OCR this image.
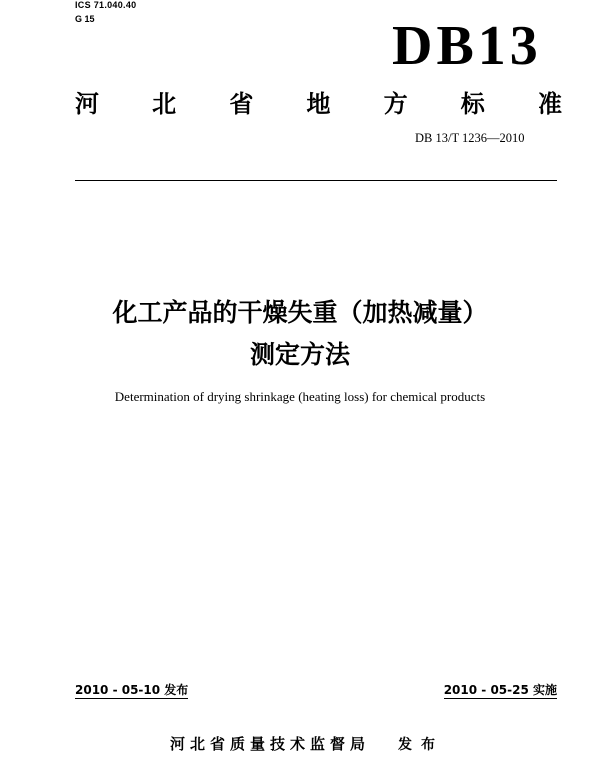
ICS 71.040.40
G 15	DB13
河 北 省 地 方 标 准
DB 13/T 1236—2010
化工产品的干燥失重（加热减量）
测定方法
Determination of drying shrinkage (heating loss) for chemical products
2010 - 05-10 发布	2010 - 05-25 实施
河北省质量技术监督局 发布
